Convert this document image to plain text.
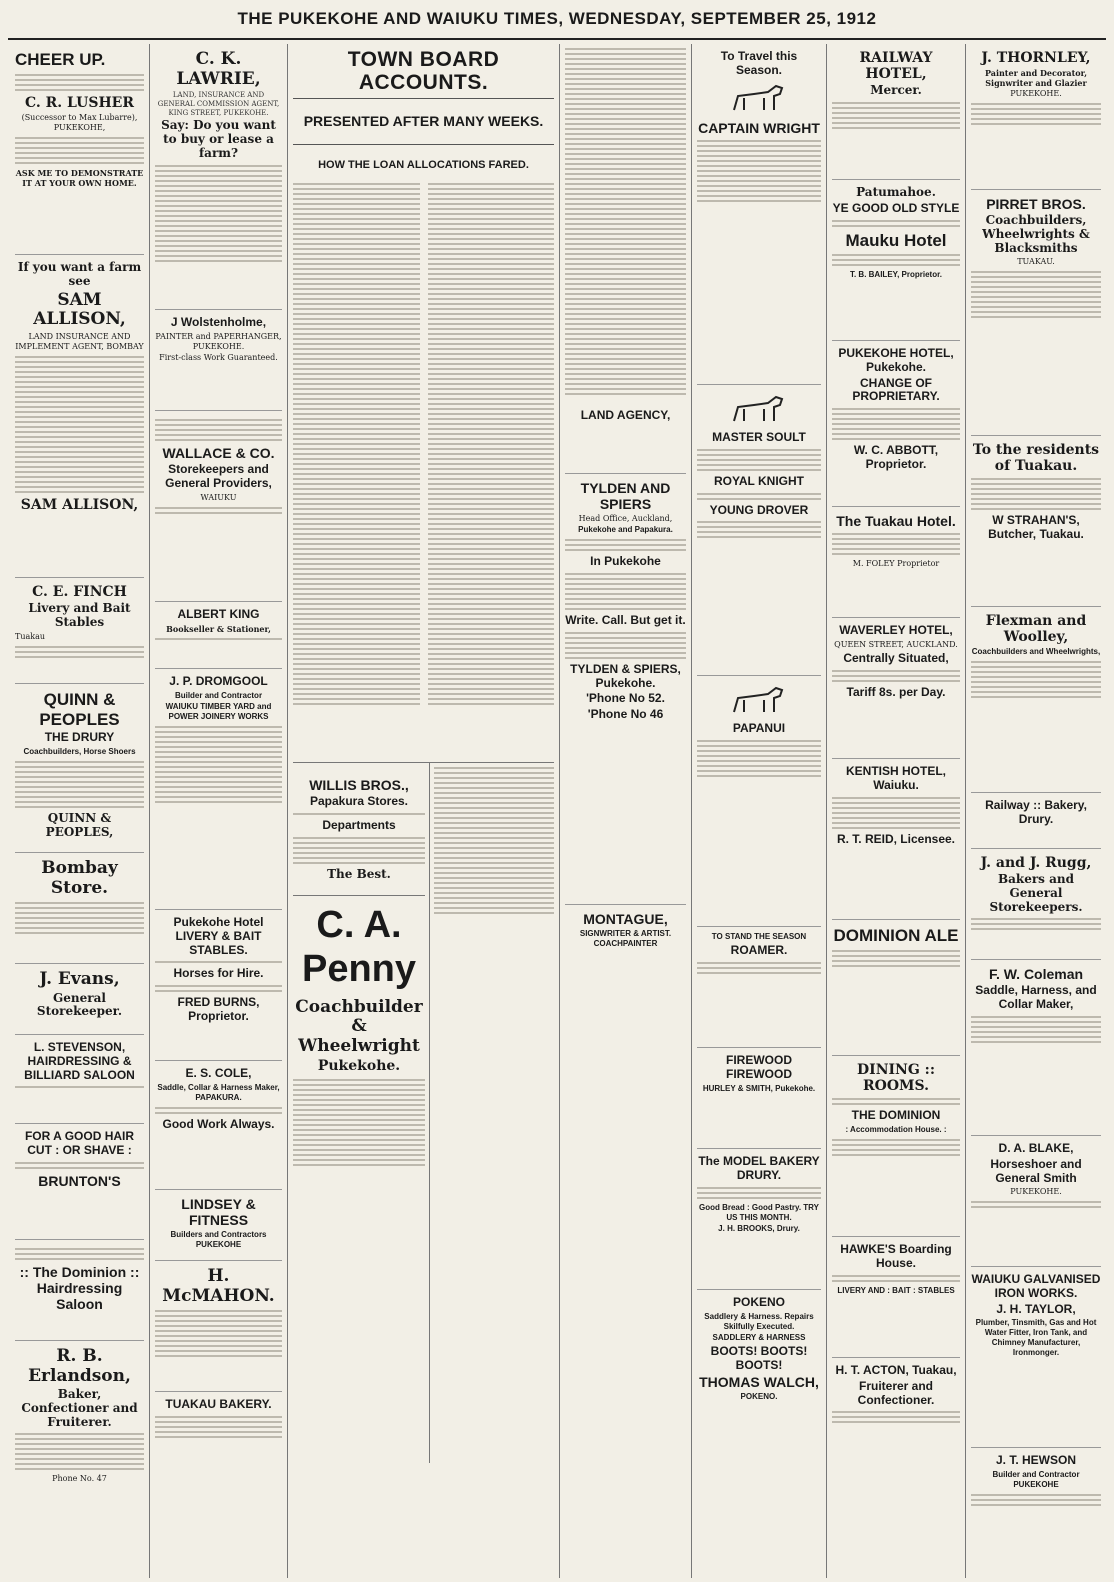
THE PUKEKOHE AND WAIUKU TIMES, WEDNESDAY, SEPTEMBER 25, 1912
CHEER UP.
C. R. LUSHER
(Successor to Max Lubarre), PUKEKOHE,
ASK ME TO DEMONSTRATE IT AT YOUR OWN HOME.
If you want a farm see
SAM ALLISON,
LAND INSURANCE AND IMPLEMENT AGENT, BOMBAY
SAM ALLISON,
C. E. FINCH
Livery and Bait Stables
Tuakau
QUINN & PEOPLES
THE DRURY
Coachbuilders, Horse Shoers
QUINN & PEOPLES,
Bombay Store.
J. Evans,
General Storekeeper.
L. STEVENSON, HAIRDRESSING & BILLIARD SALOON
FOR A GOOD HAIR CUT : OR SHAVE :
BRUNTON'S
:: The Dominion :: Hairdressing Saloon
R. B. Erlandson,
Baker, Confectioner and Fruiterer.
Phone No. 47
C. K. LAWRIE,
LAND, INSURANCE AND GENERAL COMMISSION AGENT, KING STREET, PUKEKOHE.
Say: Do you want to buy or lease a farm?
J Wolstenholme,
PAINTER and PAPERHANGER, PUKEKOHE.
First-class Work Guaranteed.
WALLACE & CO.
Storekeepers and General Providers,
WAIUKU
ALBERT KING
Bookseller & Stationer,
J. P. DROMGOOL
Builder and Contractor
WAIUKU TIMBER YARD and POWER JOINERY WORKS
Pukekohe Hotel LIVERY & BAIT STABLES.
Horses for Hire.
FRED BURNS, Proprietor.
E. S. COLE,
Saddle, Collar & Harness Maker, PAPAKURA.
Good Work Always.
LINDSEY & FITNESS
Builders and Contractors PUKEKOHE
H. McMAHON.
TUAKAU BAKERY.
TOWN BOARD ACCOUNTS.
PRESENTED AFTER MANY WEEKS.
HOW THE LOAN ALLOCATIONS FARED.
WILLIS BROS.,
Papakura Stores.
Departments
The Best.
C. A. Penny
Coachbuilder & Wheelwright
Pukekohe.
LAND AGENCY,
TYLDEN AND SPIERS
Head Office, Auckland,
Pukekohe and Papakura.
In Pukekohe
Write. Call. But get it.
TYLDEN & SPIERS, Pukekohe.
'Phone No 52.
'Phone No 46
MONTAGUE,
SIGNWRITER & ARTIST. COACHPAINTER
To Travel this Season.
CAPTAIN WRIGHT
MASTER SOULT
ROYAL KNIGHT
YOUNG DROVER
PAPANUI
TO STAND THE SEASON
ROAMER.
FIREWOOD FIREWOOD
HURLEY & SMITH, Pukekohe.
The MODEL BAKERY DRURY.
Good Bread : Good Pastry. TRY US THIS MONTH.
J. H. BROOKS, Drury.
POKENO
Saddlery & Harness. Repairs Skilfully Executed.
SADDLERY & HARNESS
BOOTS! BOOTS! BOOTS!
THOMAS WALCH,
POKENO.
RAILWAY HOTEL,
Mercer.
Patumahoe.
YE GOOD OLD STYLE
Mauku Hotel
T. B. BAILEY, Proprietor.
PUKEKOHE HOTEL, Pukekohe.
CHANGE OF PROPRIETARY.
W. C. ABBOTT, Proprietor.
The Tuakau Hotel.
M. FOLEY Proprietor
WAVERLEY HOTEL,
QUEEN STREET, AUCKLAND.
Centrally Situated,
Tariff 8s. per Day.
KENTISH HOTEL, Waiuku.
R. T. REID, Licensee.
DOMINION ALE
DINING :: ROOMS.
THE DOMINION
: Accommodation House. :
HAWKE'S Boarding House.
LIVERY AND : BAIT : STABLES
H. T. ACTON, Tuakau,
Fruiterer and Confectioner.
J. THORNLEY,
Painter and Decorator, Signwriter and Glazier
PUKEKOHE.
PIRRET BROS.
Coachbuilders, Wheelwrights & Blacksmiths
TUAKAU.
To the residents of Tuakau.
W STRAHAN'S, Butcher, Tuakau.
Flexman and Woolley,
Coachbuilders and Wheelwrights,
Railway :: Bakery, Drury.
J. and J. Rugg,
Bakers and General Storekeepers.
F. W. Coleman
Saddle, Harness, and Collar Maker,
D. A. BLAKE,
Horseshoer and General Smith
PUKEKOHE.
WAIUKU GALVANISED IRON WORKS.
J. H. TAYLOR,
Plumber, Tinsmith, Gas and Hot Water Fitter, Iron Tank, and Chimney Manufacturer, Ironmonger.
J. T. HEWSON
Builder and Contractor PUKEKOHE
